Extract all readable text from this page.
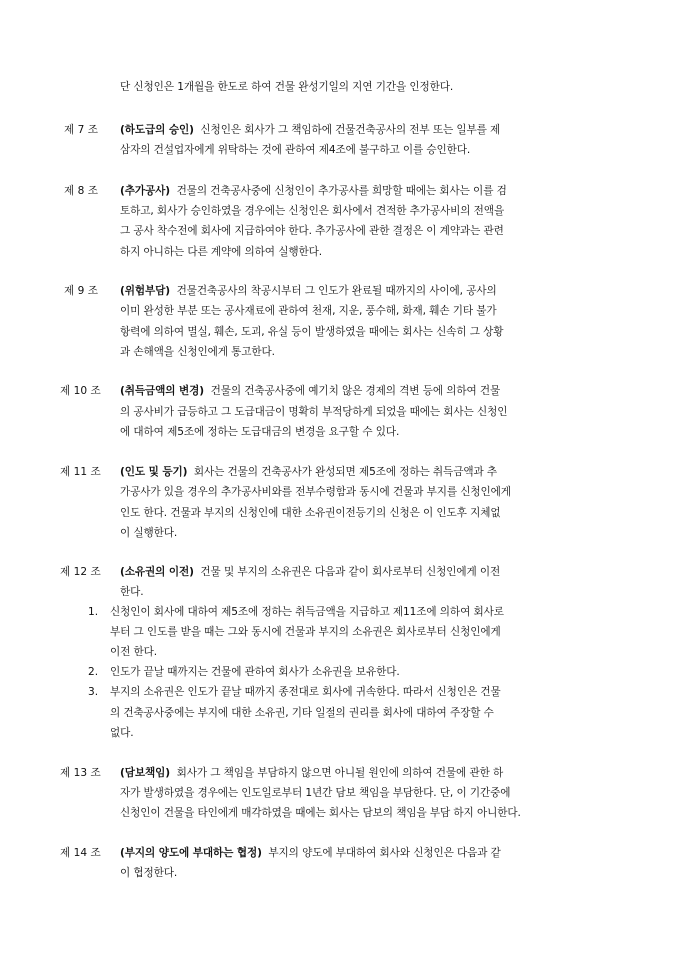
단 신청인은 1개월을 한도로 하여 건물 완성기일의 지연 기간을 인정한다.

제 7 조 (하도급의 승인) 신청인은 회사가 그 책임하에 건물건축공사의 전부 또는 일부를 제

삼자의 건설업자에게 위탁하는 것에 관하여 제4조에 불구하고 이를 승인한다.

제 8 조 (추가공사) 건물의 건축공사중에 신청인이 추가공사를 희망할 때에는 회사는 이를 검

토하고, 회사가 승인하였을 경우에는 신청인은 회사에서 견적한 추가공사비의 전액을

그 공사 착수전에 회사에 지급하여야 한다. 추가공사에 관한 결정은 이 계약과는 관련

하지 아니하는 다른 계약에 의하여 실행한다.

제 9 조 (위험부담) 건물건축공사의 착공시부터 그 인도가 완료될 때까지의 사이에, 공사의

이미 완성한 부분 또는 공사재료에 관하여 천재, 지운, 풍수해, 화재, 훼손 기타 불가

항력에 의하여 멸실, 훼손, 도괴, 유실 등이 발생하였을 때에는 회사는 신속히 그 상황

과 손해액을 신청인에게 통고한다.

제 10 조 (취득금액의 변경) 건물의 건축공사중에 예기치 않은 경제의 격변 등에 의하여 건물

의 공사비가 급등하고 그 도급대금이 명확히 부적당하게 되었을 때에는 회사는 신청인

에 대하여 제5조에 정하는 도급대금의 변경을 요구할 수 있다.

제 11 조 (인도 및 등기) 회사는 건물의 건축공사가 완성되면 제5조에 정하는 취득금액과 추

가공사가 있을 경우의 추가공사비와를 전부수령함과 동시에 건물과 부지를 신청인에게

인도 한다. 건물과 부지의 신청인에 대한 소유권이전등기의 신청은 이 인도후 지체없

이 실행한다.

제 12 조 (소유권의 이전) 건물 및 부지의 소유권은 다음과 같이 회사로부터 신청인에게 이전

한다.

1. 신청인이 회사에 대하여 제5조에 정하는 취득금액을 지급하고 제11조에 의하여 회사로

부터 그 인도를 받을 때는 그와 동시에 건물과 부지의 소유권은 회사로부터 신청인에게

이전 한다.

2. 인도가 끝날 때까지는 건물에 관하여 회사가 소유권을 보유한다.

3. 부지의 소유권은 인도가 끝날 때까지 종전대로 회사에 귀속한다. 따라서 신청인은 건물

의 건축공사중에는 부지에 대한 소유권, 기타 일절의 권리를 회사에 대하여 주장할 수

없다.

제 13 조 (담보책임) 회사가 그 책임을 부담하지 않으면 아니될 원인에 의하여 건물에 관한 하

자가 발생하였을 경우에는 인도일로부터 1년간 담보 책임을 부담한다. 단, 이 기간중에

신청인이 건물을 타인에게 매각하였을 때에는 회사는 담보의 책임을 부담 하지 아니한다.

제 14 조 (부지의 양도에 부대하는 협정) 부지의 양도에 부대하여 회사와 신청인은 다음과 같

이 협정한다.
